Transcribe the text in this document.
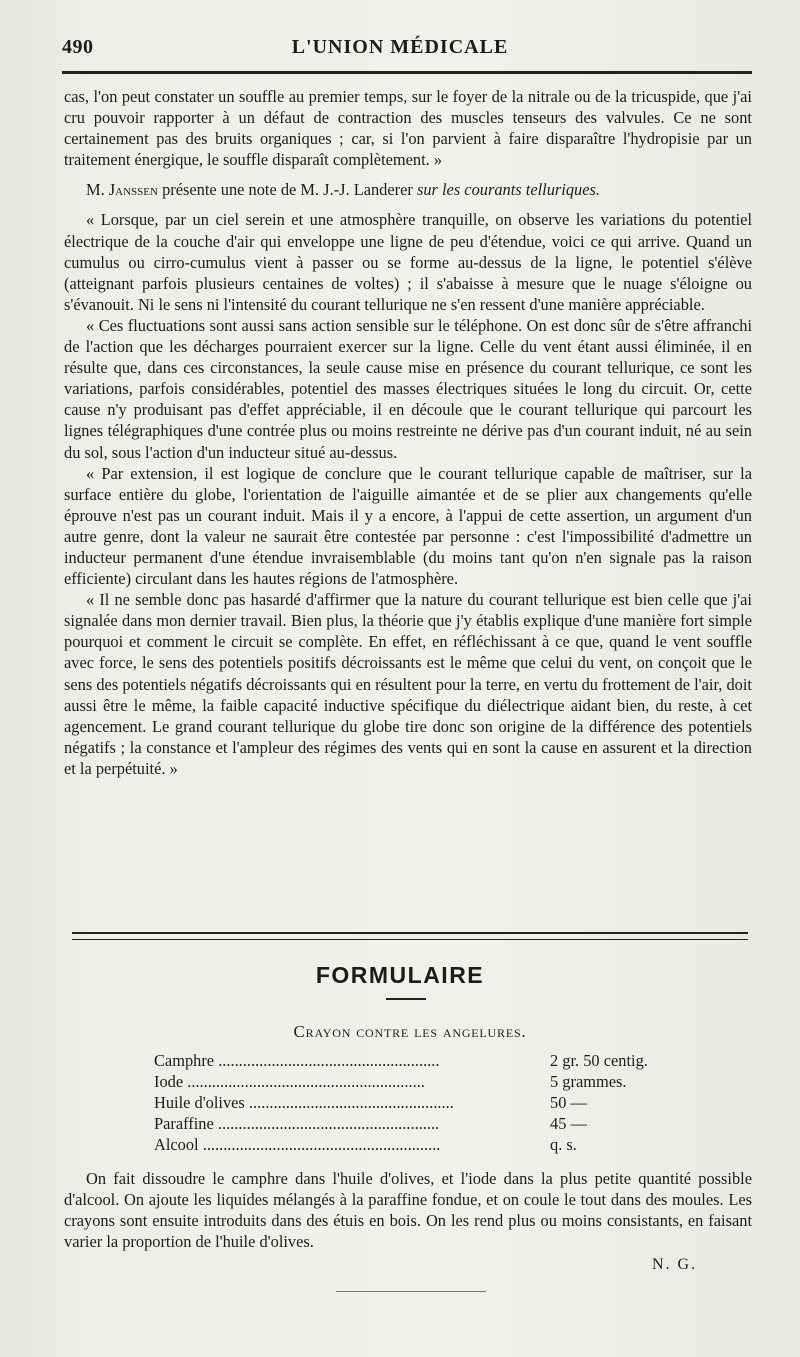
490	L'UNION MÉDICALE

cas, l'on peut constater un souffle au premier temps, sur le foyer de la nitrale ou de la tricuspide, que j'ai cru pouvoir rapporter à un défaut de contraction des muscles tenseurs des valvules. Ce ne sont certainement pas des bruits organiques ; car, si l'on parvient à faire disparaître l'hydropisie par un traitement énergique, le souffle disparaît complètement. »

M. Janssen présente une note de M. J.-J. Landerer sur les courants telluriques.

« Lorsque, par un ciel serein et une atmosphère tranquille, on observe les variations du potentiel électrique de la couche d'air qui enveloppe une ligne de peu d'étendue, voici ce qui arrive. Quand un cumulus ou cirro-cumulus vient à passer ou se forme au-dessus de la ligne, le potentiel s'élève (atteignant parfois plusieurs centaines de voltes) ; il s'abaisse à mesure que le nuage s'éloigne ou s'évanouit. Ni le sens ni l'intensité du courant tellurique ne s'en ressent d'une manière appréciable.

« Ces fluctuations sont aussi sans action sensible sur le téléphone. On est donc sûr de s'être affranchi de l'action que les décharges pourraient exercer sur la ligne. Celle du vent étant aussi éliminée, il en résulte que, dans ces circonstances, la seule cause mise en présence du courant tellurique, ce sont les variations, parfois considérables, potentiel des masses électriques situées le long du circuit. Or, cette cause n'y produisant pas d'effet appréciable, il en découle que le courant tellurique qui parcourt les lignes télégraphiques d'une contrée plus ou moins restreinte ne dérive pas d'un courant induit, né au sein du sol, sous l'action d'un inducteur situé au-dessus.

« Par extension, il est logique de conclure que le courant tellurique capable de maîtriser, sur la surface entière du globe, l'orientation de l'aiguille aimantée et de se plier aux changements qu'elle éprouve n'est pas un courant induit. Mais il y a encore, à l'appui de cette assertion, un argument d'un autre genre, dont la valeur ne saurait être contestée par personne : c'est l'impossibilité d'admettre un inducteur permanent d'une étendue invraisemblable (du moins tant qu'on n'en signale pas la raison efficiente) circulant dans les hautes régions de l'atmosphère.

« Il ne semble donc pas hasardé d'affirmer que la nature du courant tellurique est bien celle que j'ai signalée dans mon dernier travail. Bien plus, la théorie que j'y établis explique d'une manière fort simple pourquoi et comment le circuit se complète. En effet, en réfléchissant à ce que, quand le vent souffle avec force, le sens des potentiels positifs décroissants est le même que celui du vent, on conçoit que le sens des potentiels négatifs décroissants qui en résultent pour la terre, en vertu du frottement de l'air, doit aussi être le même, la faible capacité inductive spécifique du diélectrique aidant bien, du reste, à cet agencement. Le grand courant tellurique du globe tire donc son origine de la différence des potentiels négatifs ; la constance et l'ampleur des régimes des vents qui en sont la cause en assurent et la direction et la perpétuité. »

FORMULAIRE
Crayon contre les angelures.
Camphre ......................................................	2 gr. 50 centig.
Iode ..........................................................	5 grammes.
Huile d'olives ..................................................	50 —
Paraffine ......................................................	45 —
Alcool ..........................................................	q. s.

On fait dissoudre le camphre dans l'huile d'olives, et l'iode dans la plus petite quantité possible d'alcool. On ajoute les liquides mélangés à la paraffine fondue, et on coule le tout dans des moules. Les crayons sont ensuite introduits dans des étuis en bois. On les rend plus ou moins consistants, en faisant varier la proportion de l'huile d'olives.

N. G.
